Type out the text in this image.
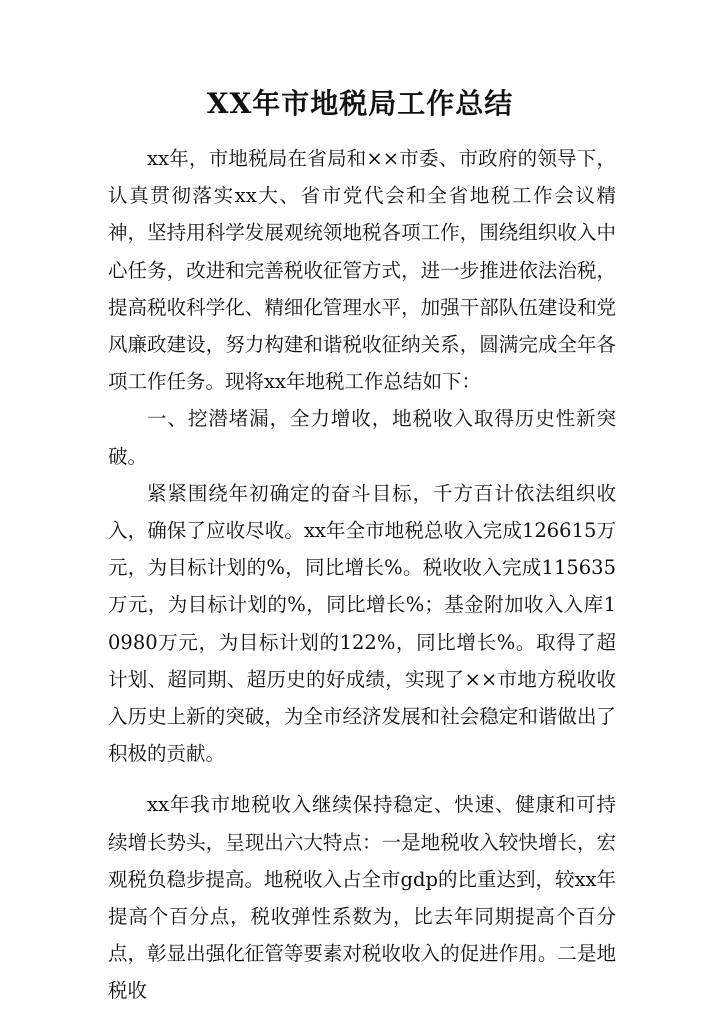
XX年市地税局工作总结

xx年，市地税局在省局和××市委、市政府的领导下，认真贯彻落实xx大、省市党代会和全省地税工作会议精神，坚持用科学发展观统领地税各项工作，围绕组织收入中心任务，改进和完善税收征管方式，进一步推进依法治税，提高税收科学化、精细化管理水平，加强干部队伍建设和党风廉政建设，努力构建和谐税收征纳关系，圆满完成全年各项工作任务。现将xx年地税工作总结如下：

一、挖潜堵漏，全力增收，地税收入取得历史性新突破。

紧紧围绕年初确定的奋斗目标，千方百计依法组织收入，确保了应收尽收。xx年全市地税总收入完成126615万元，为目标计划的%，同比增长%。税收收入完成115635万元，为目标计划的%，同比增长%；基金附加收入入库10980万元，为目标计划的122%，同比增长%。取得了超计划、超同期、超历史的好成绩，实现了××市地方税收收入历史上新的突破，为全市经济发展和社会稳定和谐做出了积极的贡献。

xx年我市地税收入继续保持稳定、快速、健康和可持续增长势头，呈现出六大特点：一是地税收入较快增长，宏观税负稳步提高。地税收入占全市gdp的比重达到，较xx年提高个百分点，税收弹性系数为，比去年同期提高个百分点，彰显出强化征管等要素对税收收入的促进作用。二是地税收
